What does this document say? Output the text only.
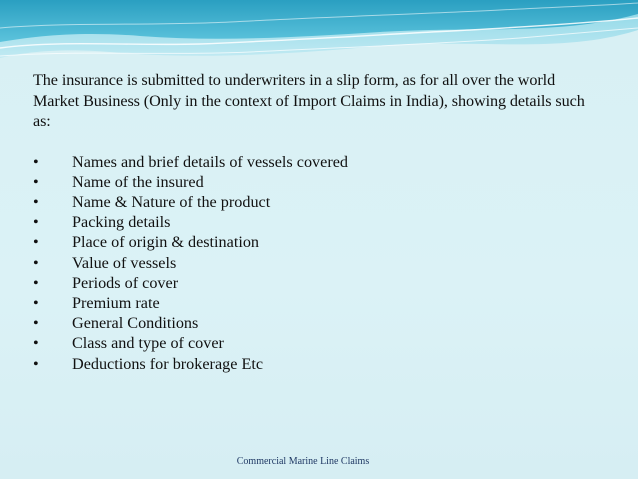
The insurance is submitted to underwriters in a slip form, as for all over the world Market Business (Only in the context of Import Claims in India), showing details such as:

• Names and brief details of vessels covered
• Name of the insured
• Name & Nature of the product
• Packing details
• Place of origin & destination
• Value of vessels
• Periods of cover
• Premium rate
• General Conditions
• Class and type of cover
• Deductions for brokerage Etc
Commercial Marine Line Claims
